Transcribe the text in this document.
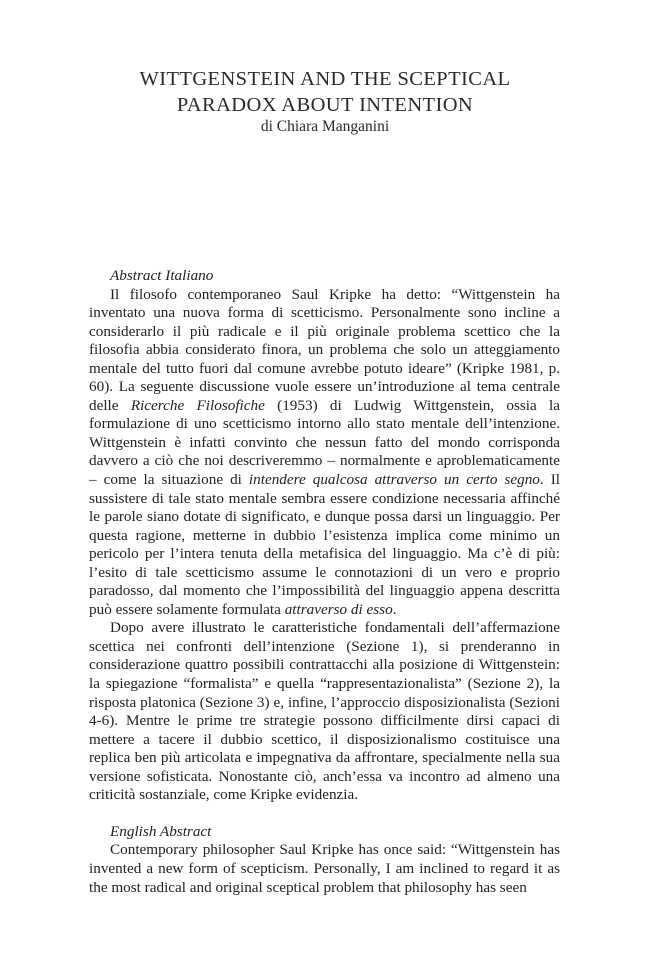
WITTGENSTEIN AND THE SCEPTICAL
PARADOX ABOUT INTENTION
di Chiara Manganini
Abstract Italiano

Il filosofo contemporaneo Saul Kripke ha detto: “Wittgenstein ha inventato una nuova forma di scetticismo. Personalmente sono incline a considerarlo il più radicale e il più originale problema scettico che la filosofia abbia considerato finora, un problema che solo un atteggiamento mentale del tutto fuori dal comune avrebbe potuto ideare” (Kripke 1981, p. 60). La seguente discussione vuole essere un’introduzione al tema centrale delle Ricerche Filosofiche (1953) di Ludwig Wittgenstein, ossia la formulazione di uno scetticismo intorno allo stato mentale dell’intenzione. Wittgenstein è infatti convinto che nessun fatto del mondo corrisponda davvero a ciò che noi descriveremmo – normalmente e aproblematicamente – come la situazione di intendere qualcosa attraverso un certo segno. Il sussistere di tale stato mentale sembra essere condizione necessaria affinché le parole siano dotate di significato, e dunque possa darsi un linguaggio. Per questa ragione, metterne in dubbio l’esistenza implica come minimo un pericolo per l’intera tenuta della metafisica del linguaggio. Ma c’è di più: l’esito di tale scetticismo assume le connotazioni di un vero e proprio paradosso, dal momento che l’impossibilità del linguaggio appena descritta può essere solamente formulata attraverso di esso.

Dopo avere illustrato le caratteristiche fondamentali dell’affermazione scettica nei confronti dell’intenzione (Sezione 1), si prenderanno in considerazione quattro possibili contrattacchi alla posizione di Wittgenstein: la spiegazione “formalista” e quella “rappresentazionalista” (Sezione 2), la risposta platonica (Sezione 3) e, infine, l’approccio disposizionalista (Sezioni 4-6). Mentre le prime tre strategie possono difficilmente dirsi capaci di mettere a tacere il dubbio scettico, il disposizionalismo costituisce una replica ben più articolata e impegnativa da affrontare, specialmente nella sua versione sofisticata. Nonostante ciò, anch’essa va incontro ad almeno una criticità sostanziale, come Kripke evidenzia.

English Abstract

Contemporary philosopher Saul Kripke has once said: “Wittgenstein has invented a new form of scepticism. Personally, I am inclined to regard it as the most radical and original sceptical problem that philosophy has seen
